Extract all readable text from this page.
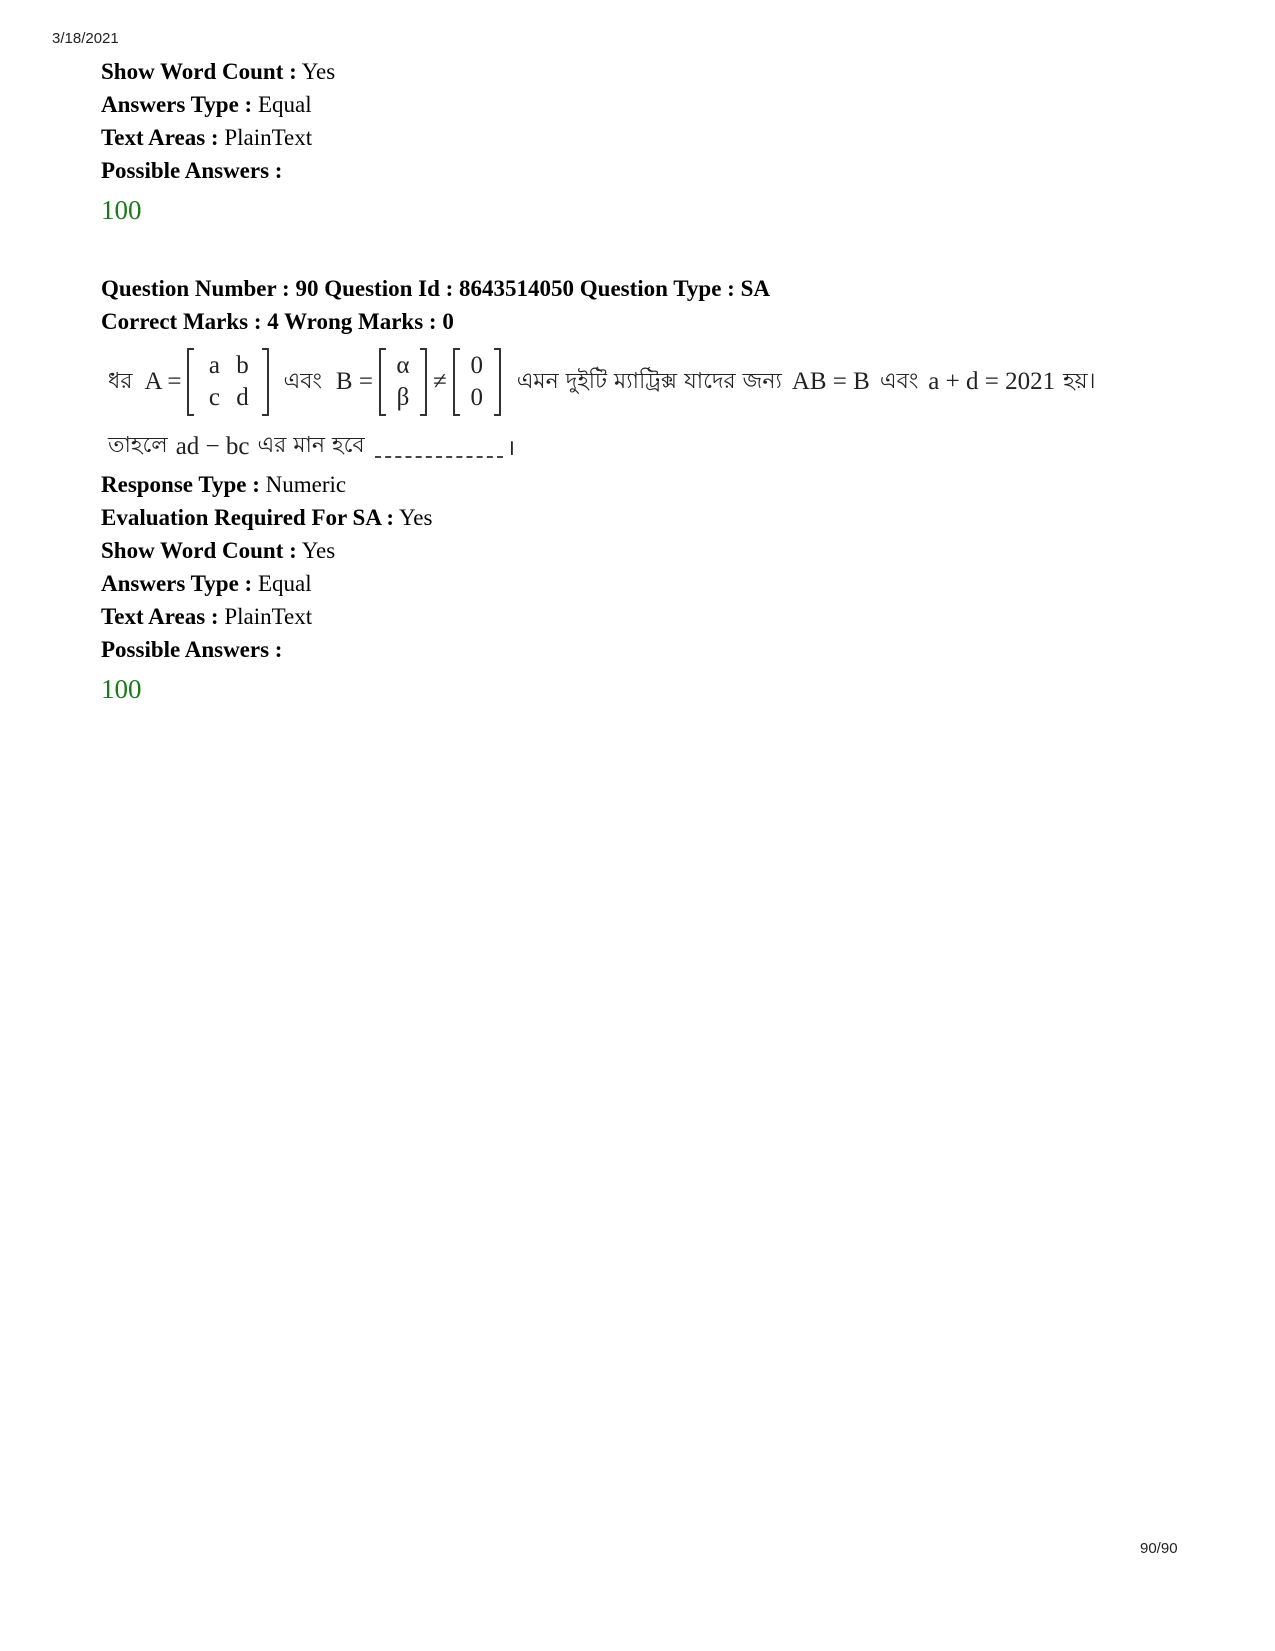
3/18/2021
Show Word Count : Yes
Answers Type : Equal
Text Areas : PlainText
Possible Answers :
100
Question Number : 90 Question Id : 8643514050 Question Type : SA
Correct Marks : 4 Wrong Marks : 0
ধর A =
a b
c d
এবং B =
α
β
≠
0
0
এমন দুইটি ম্যাট্রিক্স যাদের জন্য AB = B এবং a + d = 2021 হয়।
তাহলে ad − bc এর মান হবে	।
Response Type : Numeric
Evaluation Required For SA : Yes
Show Word Count : Yes
Answers Type : Equal
Text Areas : PlainText
Possible Answers :
100
90/90
